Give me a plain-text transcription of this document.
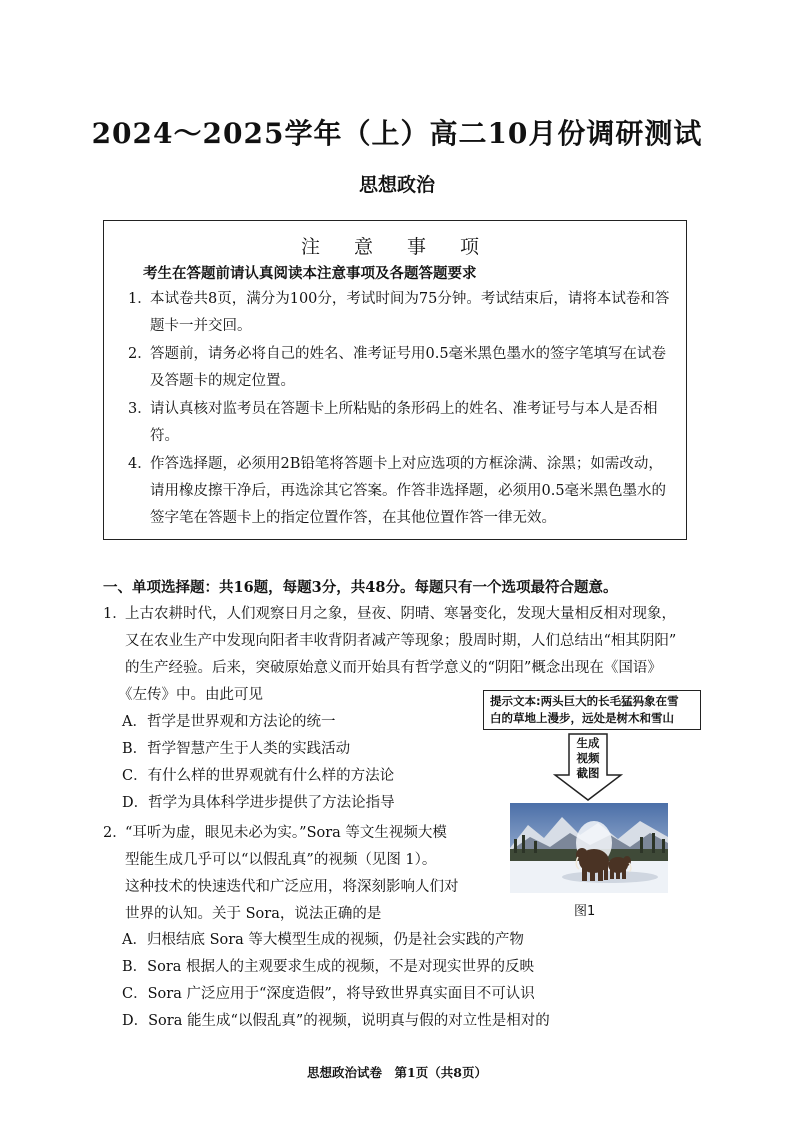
2024～2025学年（上）高二10月份调研测试
思想政治
注 意 事 项
考生在答题前请认真阅读本注意事项及各题答题要求
1．
本试卷共8页，满分为100分，考试时间为75分钟。考试结束后，请将本试卷和答
题卡一并交回。
2．
答题前，请务必将自己的姓名、准考证号用0.5毫米黑色墨水的签字笔填写在试卷
及答题卡的规定位置。
3．
请认真核对监考员在答题卡上所粘贴的条形码上的姓名、准考证号与本人是否相
符。
4．
作答选择题，必须用2B铅笔将答题卡上对应选项的方框涂满、涂黑；如需改动，
请用橡皮擦干净后，再选涂其它答案。作答非选择题，必须用0.5毫米黑色墨水的
签字笔在答题卡上的指定位置作答，在其他位置作答一律无效。
一、单项选择题：共16题，每题3分，共48分。每题只有一个选项最符合题意。
1．
上古农耕时代，人们观察日月之象，昼夜、阴晴、寒暑变化，发现大量相反相对现象，
又在农业生产中发现向阳者丰收背阴者减产等现象；殷周时期，人们总结出“相其阴阳”
的生产经验。后来，突破原始意义而开始具有哲学意义的“阴阳”概念出现在《国语》
《左传》中。由此可见
A．哲学是世界观和方法论的统一
B．哲学智慧产生于人类的实践活动
C．有什么样的世界观就有什么样的方法论
D．哲学为具体科学进步提供了方法论指导
提示文本:两头巨大的长毛猛犸象在雪
白的草地上漫步，远处是树木和雪山
生成
视频
截图
图1
2．
“耳听为虚，眼见未必为实。”Sora 等文生视频大模
型能生成几乎可以“以假乱真”的视频（见图 1）。
这种技术的快速迭代和广泛应用，将深刻影响人们对
世界的认知。关于 Sora，说法正确的是
A．归根结底 Sora 等大模型生成的视频，仍是社会实践的产物
B．Sora 根据人的主观要求生成的视频，不是对现实世界的反映
C．Sora 广泛应用于“深度造假”，将导致世界真实面目不可认识
D．Sora 能生成“以假乱真”的视频，说明真与假的对立性是相对的
思想政治试卷　第1页（共8页）
